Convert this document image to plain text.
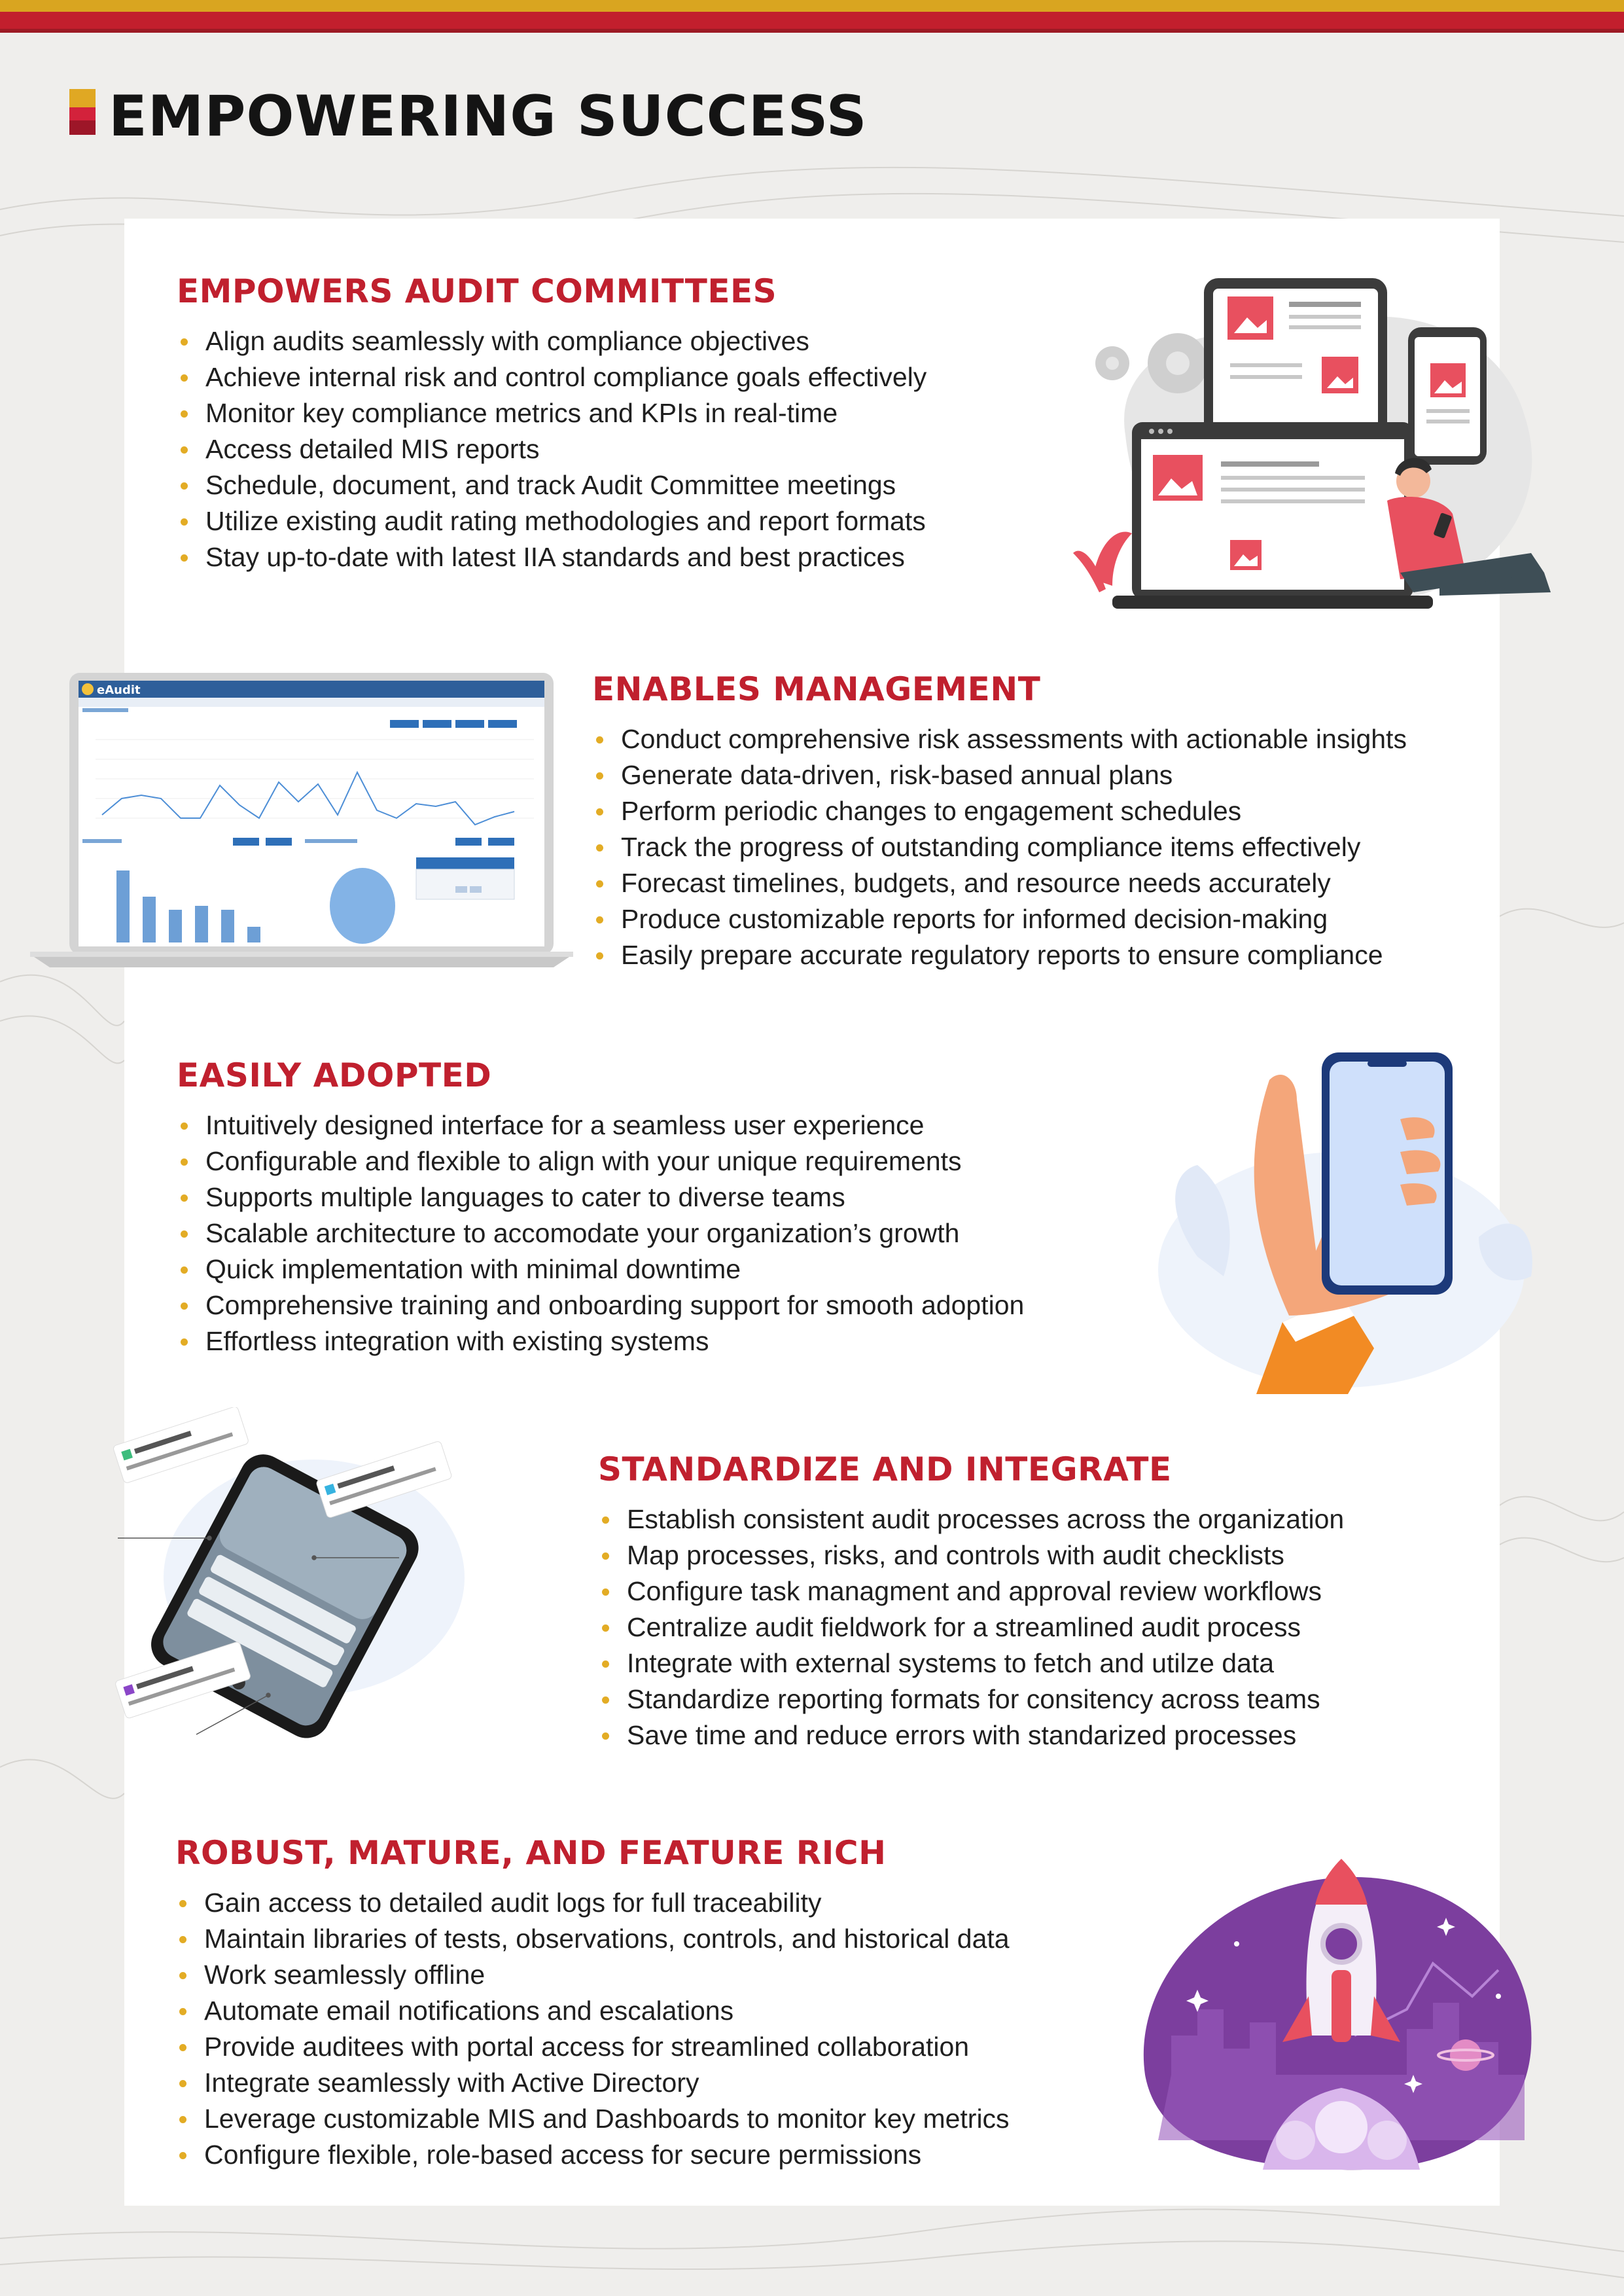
EMPOWERING SUCCESS
EMPOWERS AUDIT COMMITTEES
Align audits seamlessly with compliance objectives
Achieve internal risk and control compliance goals effectively
Monitor key compliance metrics and KPIs in real-time
Access detailed MIS reports
Schedule, document, and track Audit Committee meetings
Utilize existing audit rating methodologies and report formats
Stay up-to-date with latest IIA standards and best practices
ENABLES MANAGEMENT
Conduct comprehensive risk assessments with actionable insights
Generate data-driven, risk-based annual plans
Perform periodic changes to engagement schedules
Track the progress of outstanding compliance items effectively
Forecast timelines, budgets, and resource needs accurately
Produce customizable reports for informed decision-making
Easily prepare accurate regulatory reports to ensure compliance
EASILY ADOPTED
Intuitively designed interface for a seamless user experience
Configurable and flexible to align with your unique requirements
Supports multiple languages to cater to diverse teams
Scalable architecture to accomodate your organization’s growth
Quick implementation with minimal downtime
Comprehensive training and onboarding support for smooth adoption
Effortless integration with existing systems
STANDARDIZE AND INTEGRATE
Establish consistent audit processes across the organization
Map processes, risks, and controls with audit checklists
Configure task managment and approval review workflows
Centralize audit fieldwork for a streamlined audit process
Integrate with external systems to fetch and utilze data
Standardize reporting formats for consitency across teams
Save time and reduce errors with standarized processes
ROBUST, MATURE, AND FEATURE RICH
Gain access to detailed audit logs for full traceability
Maintain libraries of tests, observations, controls, and historical data
Work seamlessly offline
Automate email notifications and escalations
Provide auditees with portal access for streamlined collaboration
Integrate seamlessly with Active Directory
Leverage customizable MIS and Dashboards to monitor key metrics
Configure flexible, role-based access for secure permissions
eAudit
